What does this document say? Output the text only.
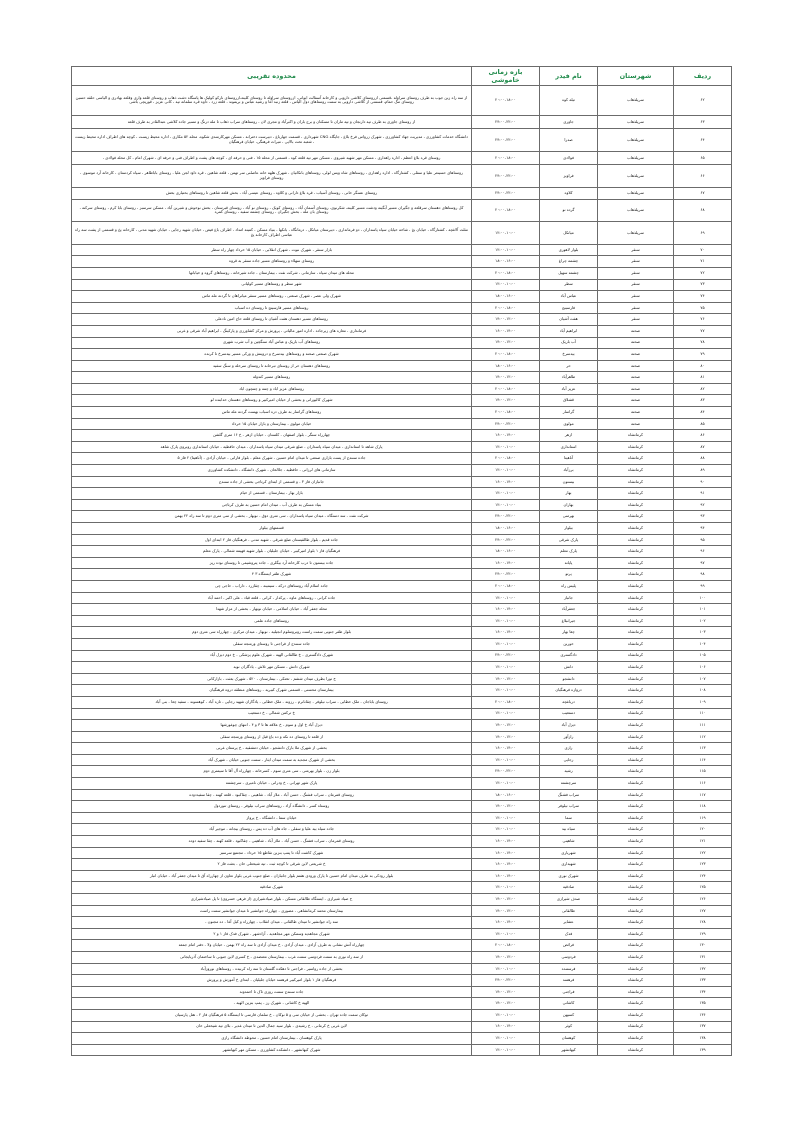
ردیف	شهرستان	نام فیدر	بازه زمانی خاموشی	محدوده تقریبی
۶۲	سرپلذهاب	تیله کوه	۲۰:۰۰-۱۸:۰۰	از سه راه زین جوب به طرف روستای سراوله ،قسمتی ازروستای کلاشی دارویی و کارخانه آسفالت ایوانی، ازروستای سراوله تا روستای کلینه،ازروستای نارکو کولیک ها پاسگاه دشت ذهاب و روستای قلعه واری وقلعه بهادری و الیاسی حلقه حسین روستای تنگ حمام، قسمتی از کلاشی دارویی به سمت روستاهای دول الیاس ، قلعه زنبد آغا و رشید عباس و بریموند ، قلعه زرد ، داوه قره سلمانه تپه ، کانی عزیز ، قوریچی باشی
۶۳	سرپلذهاب	جاوری	۲۴:۰۰-۲۲:۰۰	از روستای جاوری به طرف تپه دارنجان و تپه ماران تا مسکنان و برج باران و اکبرآباد و مجری لان ، روستاهای سراب ذهاب تا مله درنگ و مسیر جاده کلاشی عبدالقادر به طرف قلعه
۶۴	سرپلذهاب	صدرا	۲۴:۰۰-۲۲:۰۰	دانشگاه خدمات کشاورزی ، مدیریت جهاد کشاورزی ، شهرک زرواس فرخ بلاغ ، جایگاه CNG شهرداری ، قسمت جهارباغ ، دبیرست دخترانه ، مسکن مهرکارمندی شکوه، محله ۵۲ مکاری ، اداره محیط زیست ، کوچه های اطراف اداره محیط زیست ، شعبه تخت بالایی ، میراث فرهنگی، خیابان فرهنگیان
۶۵	سرپلذهاب	فولادی	۲۰:۰۰-۱۸:۰۰	روستای قره بلاغ اعظم ، اداره راهداری ، مسکن مهر شهید شیروی ، مسکن مهر تپه قلعه کوه ، قسمتی از محله ۱۵ ، فنی و حرفه ای ، کوچه های پشت و اطراف فنی و حرفه ای ، شهرک امام ، کل محله فولادی ،
۶۶	سرپلذهاب	فراویز	۲۴:۰۰-۲۲:۰۰	روستاهای حسینعر علیا و سفلی ، کشتارگاه ، اداره راهداری ، روستاهای شاه ویس لولی، روستاهای بانکانیان ، شهرک هلهه خانه عاصلنی سر تهمن ، قلعه شاهین ، قره داود لجن علیا ، روستای باباطاهر ، سپاه کردستان ، کارخانه آرد موسوی ، روستای فراویز
۶۷	سرپلذهاب	کلاوه	۲۴:۰۰-۲۲:۰۰	روستای عسگر خانی ، روستای آسیاب ، قره بلاغ دارانی و کلاوه ، روستای عیسی آباد ، بخش قلعه شاهین تا روستاهای بختیاری بخش
۶۸	سرپلذهاب	گرده نو	۲۰:۰۰-۱۸:۰۰	کل روستاهای دهستان سرقلعه و جگیران مسیر آبگینه ودشت مسیر کلینه، شکرنوی، روستای آسمان آباد ، روستای کویک ، روستای نو آباد ، روستای قبرستان ، بخش نوخوش و شیرین آباد ، مسکن سرسبز ، روستای بابا کرم ، روستای سرکنه ، روستای بان مله ، بخش جگیران ، روستای چشمه سفید ، روستای کمره
۶۹	سرپلذهاب	میانکل	۱۲:۰۰-۱۰:۰۰	مثلث آلاغچه ، کشتارگاه ، خیابان بخ ، شاخه خیابان سپاه پاسداران ، دو فرمانداری ، دبیرستان میانکل ، درمانگاه ، بانکها ، بنیاد مسکن ، کمیته امداد ، اطراف باغ فیض ، خیابان شهید رجایی ، خیابان شهید مدنی ، کارخانه یخ و قسمتی از پشت سه راه عباسی اطراف کارخانه یخ
۷۰	سنقر	بلوار لاهوری	۱۲:۰۰-۱۰:۰۰	بازار سنقر ، شهرک نبوت ، شهرک انقلابی ، خیابان ۱۵ خرداد چهار راه سطر
۷۱	سنقر	چشمه چراغ	۱۸:۰۰-۱۶:۰۰	روستای سهلاء و روستاهای مسیر جاده سنقر به قروه
۷۲	سنقر	چشمه سهیل	۲۰:۰۰-۱۸:۰۰	محله های میدان سپاه ، سازمانی ، شرکت نفت ، بیمارستان ، جاده شیرخانه ، روستاهای گروه و خیابانها
۷۳	سنقر	سطر	۱۲:۰۰-۱۰:۰۰	شهر سطر و روستاهای مسیر کولیانی
۷۴	سنقر	عباس آباد	۱۸:۰۰-۱۶:۰۰	شهرک ولی عصر ، شهرک صنعتی ، روستاهای مسیر سنقر میانراهان تا گردنه مله ماس
۷۵	سنقر	فارسینج	۲۰:۰۰-۱۸:۰۰	روستاهای مسیر فارسینج تا روستای ده اسباب
۷۶	سنقر	هفت آشیان	۱۴:۰۰-۱۲:۰۰	روستاهای مسیر دهستان هفت آشیان تا روستای قلعه حاج امین نادعلی
۷۷	صحنه	ابراهیم آباد	۱۶:۰۰-۱۴:۰۰	فرمانداری ، مغازه های زیرجاده ، اداره امور مالیاتی ، پرورش و مرکز کشاورزی و پارکینگ ، ابراهیم آباد شرقی و غربی
۷۸	صحنه	آب باریک	۱۴:۰۰-۱۲:۰۰	روستاهای آب باریک و عباس آباد سنگچین و آب شرب شهری
۷۹	صحنه	بیدسرخ	۲۰:۰۰-۱۸:۰۰	شهرک صنعتی صحنه و روستاهای بیدسرخ و دروینش و ورکی مسیر بیدسرخ تا کرنده
۸۰	صحنه	حر	۱۸:۰۰-۱۶:۰۰	روستاهای دهستان حر از روستای تبرخانه تا روستای سرخله و سنگ سفید
۸۱	صحنه	طاهرآباد	۱۴:۰۰-۱۲:۰۰	روستاهای مسیر کندوله
۸۲	صحنه	عزیز آباد	۲۰:۰۰-۱۸:۰۰	روستاهای عزیز اباد و چمه و چمچون اباد
۸۳	صحنه	قشلاق	۱۴:۰۰-۱۲:۰۰	شهرک کالیورانی و بخشی از خیابان امیرکبیر و روستاهای دهستان خدابنده لو
۸۴	صحنه	گراسار	۲۰:۰۰-۱۸:۰۰	روستاهای گراسار به طرف دره اسباب بهست گردنه مله ماس
۸۵	صحنه	مولوی	۲۴:۰۰-۲۲:۰۰	خیابان مولوی ، بیمارستان و بازار خیابان ۱۵ خرداد
۸۶	کرمانشاه	ازهر	۱۶:۰۰-۱۴:۰۰	چهارراه سنگر - بلوار اصفهان - کلستان - خیابان ازهر - خ ۱۶ متری گلشن
۸۷	کرمانشاه	استانداری	۱۲:۰۰-۱۰:۰۰	پارک شاهد تا استانداری - میدان سپاه پاسداران - ضلع شرقی میدان سپاه پاسداران - میدان حافظیه - خیابان استانداری روبروی پارک شاهد
۸۸	کرمانشاه	آناهیتا	۲۰:۰۰-۱۸:۰۰	جاده سنندج از پست بازاری صنعتی تا میدان امام حسین - شهرک معلم - بلوار فارابی - خیابان آزادی - (آناهیتا) ۲ فاز ۵
۸۹	کرمانشاه	برزآباد	۱۲:۰۰-۱۰:۰۰	سازمانی های لرزانی - حافظیه - جلالخان - شهرک دانشگاه - دانشکده کشاورزی
۹۰	کرمانشاه	بیستون	۱۶:۰۰-۱۴:۰۰	جانبازان فاز ۳ - و قسمتی از ابتدای کرتاجی بخشی از جاده سنندج
۹۱	کرمانشاه	بهار	۱۲:۰۰-۱۰:۰۰	بازار بهار - بیمارستان - قسمتی از خیام
۹۲	کرمانشاه	بهاران	۱۲:۰۰-۱۰:۰۰	بنیاد مسکن به طرف آب - میدان امام حسین به طرف کرتاجی
۹۳	کرمانشاه	بهرمنی	۲۴:۰۰-۲۲:۰۰	شرکت نفت - سد دستگاه - میدان سپاه پاسداران - سی متری دوق - نوبهار - بخشی از سی متری دوم تا سه راه ۲۲ بهمن
۹۴	کرمانشاه	بیلوار	۱۸:۰۰-۱۶:۰۰	قسمتهای بیلوار
۹۵	کرمانشاه	پارک شرقی	۲۴:۰۰-۲۲:۰۰	جاده قدیم - بلوار طالقیستان ضلع شرقی - شهید مدنی - فرهنگیان فاز ۲ ابتدای اول
۹۶	کرمانشاه	پارک معلم	۱۸:۰۰-۱۶:۰۰	فرهنگیان فاز ۱ بلوار امیرکبیر - خیابان جلیلیان - بلوار شهید فهیمه شمالی - پارک معلم
۹۷	کرمانشاه	پایانه	۱۶:۰۰-۱۴:۰۰	جاده بیستون تا درب کارخانه آرد بیگلری - جاده پتروشیمی تا روستای نوده ریز
۹۸	کرمانشاه	پرتو	۲۴:۰۰-۲۲:۰۰	شهرک ظفر ایستگاه ۳ ۴
۹۹	کرمانشاه	پلیس راه	۲۰:۰۰-۱۸:۰۰	جاده اسلام آباد روستاهای درکه - سیمینه - چقازرد - داراب - حاجی چی
۱۰۰	کرمانشاه	جانباز	۱۲:۰۰-۱۰:۰۰	جاده کرانی - روستاهای ماوه - پرکدار - کرانی - قلعه قباد - علی اکبر - احمد آباد
۱۰۱	کرمانشاه	جعفرآباد	۱۶:۰۰-۱۴:۰۰	محله جعفر آباد - خیابان اسلامی - خیابان نوبهار - بخشی از مزار شهدا
۱۰۲	کرمانشاه	جیرانبلاغ	۱۲:۰۰-۱۰:۰۰	روستاهای جاده علمی
۱۰۳	کرمانشاه	چغا بهار	۱۶:۰۰-۱۴:۰۰	بلوار ظفر جنوبی سمت راست روبروسلوم انجیلیه - نوبهار - میدان مرکزی - چهارراه سی متری دوم
۱۰۴	کرمانشاه	خورین	۱۲:۰۰-۱۰:۰۰	جاده سنندج از فراجنی تا روستای ورمنجه سفلی
۱۰۵	کرمانشاه	دادگستری	۲۴:۰۰-۲۲:۰۰	شهرک دادگستری - خ طالقانی الهیه - شهرک علوم پزشکی - خ دوم دیزل آباد
۱۰۶	کرمانشاه	دانش	۱۲:۰۰-۱۰:۰۰	شهرک دانش - مسکن مهر تلاش - یادگاران نوید
۱۰۷	کرمانشاه	دانشجو	۱۴:۰۰-۱۲:۰۰	ح تورا بطرف میدان ششم - تختکی - بیمارستان - ۵۲۰ - شهرک بعثت - بازارکانی
۱۰۸	کرمانشاه	دروازه فرهنگیان	۱۲:۰۰-۱۰:۰۰	بیمارستان محسنی - قسمتی شهرک کبیرید - روستاهای منطقه دروه فرهنگیان
۱۰۹	کرمانشاه	درباغچه	۲۰:۰۰-۱۸:۰۰	روستای باباجان - ملک خطابی - سراب نیلوفر - چقانانرم - رزوند - ملک خطابی - یادگاران شهید رجایی - تازه آباد - کوهسوند - سفید چغا - بنی آباد
۱۱۰	کرمانشاه	دستغیب	۱۲:۰۰-۱۰:۰۰	خ ترکمن شمالی - خ دستغیب
۱۱۱	کرمانشاه	دیزل آباد	۱۴:۰۰-۱۲:۰۰	دیزل آباد خ اول و سوم - خ علاقه ها تا ۳ و ۴ - انتهای چوغورشها
۱۱۲	کرمانشاه	رازآور	۱۴:۰۰-۱۲:۰۰	از قلعه تا روستای ده نکه و ده باغ قبل از روستای ورمنجه سفلی
۱۱۳	کرمانشاه	رازی	۱۶:۰۰-۱۴:۰۰	بخشی از شهرک ملا بارک دانشجو - خیابان دمشقیه - خ پرستان غربی
۱۱۴	کرمانشاه	رجایی	۱۲:۰۰-۱۰:۰۰	بخشی از شهرک مجدیه به سمت میدان ایثار - سمت جنوبی خیابان - شهرک آباد
۱۱۵	کرمانشاه	رشید	۲۴:۰۰-۲۲:۰۰	بلوار زن - بلوار بهرمنی - سی متری سوم - کسرخانه - چهارراه آل آقا تا سیمتری دوم
۱۱۶	کرمانشاه	سرچشمه	۱۲:۰۰-۱۰:۰۰	پارک شهر تهرانی - خ ودرانی - خیابان نامیری - سرچشمه
۱۱۷	کرمانشاه	سراب فشنگ	۱۸:۰۰-۱۶:۰۰	روستای قمرمان - سراب فشنگ - حسن آباد - ملاز آباد - شاهینی - چقاکبود - قلعه کهنه - چقا سفیددوده
۱۱۸	کرمانشاه	سراب نیلوفر	۱۴:۰۰-۱۲:۰۰	روستاه کسر - دانشگاه آزاد - روستاهای سراب نیلوفر - روستای تنوردول
۱۱۹	کرمانشاه	سما	۱۲:۰۰-۱۰:۰۰	خیابان سما - دانشگاه - خ پرواز
۱۲۰	کرمانشاه	سیاه بید	۱۲:۰۰-۱۰:۰۰	جاده سیاه بید علیا و سفلی - جاه های آب ده پس - روستای بیجانه - موجیر آباد
۱۲۱	کرمانشاه	شاهینی	۱۶:۰۰-۱۴:۰۰	روستای قمرمان - سراب فشنگ - حسن آباد - ملاز آباد - شاهینی - چقاکبود - قلعه کهنه - چقا سفید دوده
۱۲۲	کرمانشاه	شهریاری	۱۶:۰۰-۱۴:۰۰	شهرک کاشت آباد تا پمپ بنزین تقاطع ۱۵ خرداد - مجتمع سرسبز
۱۲۳	کرمانشاه	شهیداری	۱۶:۰۰-۱۴:۰۰	خ شریعتی لاین شرقی تا کوچه ثبت - تپه شیخعلی خان - بعثت فاز ۲
۱۲۴	کرمانشاه	شهرک نوری	۱۶:۰۰-۱۴:۰۰	بلوار رودکی به طرف میدان امام حسین تا پارک ورودی هفتم بلوار جانبازان - ضلع جنوب غربی بلوار تعاون از چهارراه آق تا میدان جعفر آباد - خیابان انبار
۱۲۵	کرمانشاه	صادقیه	۱۲:۰۰-۱۰:۰۰	شهرک صادقیه
۱۲۶	کرمانشاه	صدف شیرازی	۱۴:۰۰-۱۲:۰۰	ح صیاد شیرازی - ایستگاه طالقانی مسکن - بلوار صیادشیرازی (از فرهی خسروی) تا پل صیادشیرازی
۱۲۷	کرمانشاه	طالقانی	۱۴:۰۰-۱۲:۰۰	بیمارستان محمد کرمانشاهی - مصوری - چهارراه جوانشیر تا میدان جوانشیر سمت راست
۱۲۸	کرمانشاه	عشایر	۱۶:۰۰-۱۴:۰۰	سه راه جوانشیر تا میدان طالقانی - میدان انقلاب - چهارراه و کیل آغا - ده مجنون -
۱۲۹	کرمانشاه	فدک	۱۲:۰۰-۱۰:۰۰	شهرک مجاهدیه وسمکن مهر مجاهدیه - آزادشهر - شهرک فدک فاز ۱ و ۲
۱۳۰	کرمانشاه	فرائض	۲۰:۰۰-۱۸:۰۰	چهارراه آتش نشانی به طرف آزادی - میدان آزادی - خ میدان آزادی تا سه راه ۲۲ بهمن - خیابان ولا - دفتر امام جمعه
۱۳۱	کرمانشاه	فردوسی	۱۴:۰۰-۱۲:۰۰	از سه راه نوری به سمت فردوسی سمت غرب - بیمارستان معتضدی - خ کسری لاین جنوبی تا ساختمان آذربایجانی
۱۳۲	کرمانشاه	فرستنده	۱۲:۰۰-۱۰:۰۰	بخشی از جاده رواسیر - فراجنی تا دهکده گلستان تا سه راه کرنیده - روستاهای نوروزآباد
۱۳۳	کرمانشاه	فرهمند	۲۴:۰۰-۲۲:۰۰	فرهنگیان فاز ۱ بلوار امیرکبیر فرهمند خیابان جلیلیان - ابتدای خ آموزش و پرورش
۱۳۴	کرمانشاه	فراجنی	۱۴:۰۰-۱۲:۰۰	جاده سنندج سمت روزی تاک تا احمدوند
۱۳۵	کرمانشاه	کاشانی	۱۴:۰۰-۱۲:۰۰	الهیه خ کاشانی - شهرک رز - پمپ بنزین الهیه -
۱۳۶	کرمانشاه	کسیهن	۱۲:۰۰-۱۰:۰۰	توکان سمت جاده تهران - بخشی از خیابان سی و ۵ نوکان - خ سلمان فارسی تا ایستگاه ۵ فرهنگیان فاز ۲ - هتل پارسیان
۱۳۷	کرمانشاه	کوثر	۱۶:۰۰-۱۴:۰۰	لاین غربی خ کرمانی - خ رشیدی - بلوار سید جمال الدین تا میدان غدیر - بلای تپه شیخعلی خان
۱۳۸	کرمانشاه	کوهسان	۱۲:۰۰-۱۰:۰۰	پارک کوهسان - بیمارستان امام حسین - محوطه دانشگاه رازی
۱۳۹	کرمانشاه	کیهانشهر	۱۲:۰۰-۱۰:۰۰	شهرک کیهانشهر - دانشکده کشاورزی - مسکن مهر کیهانشهر
